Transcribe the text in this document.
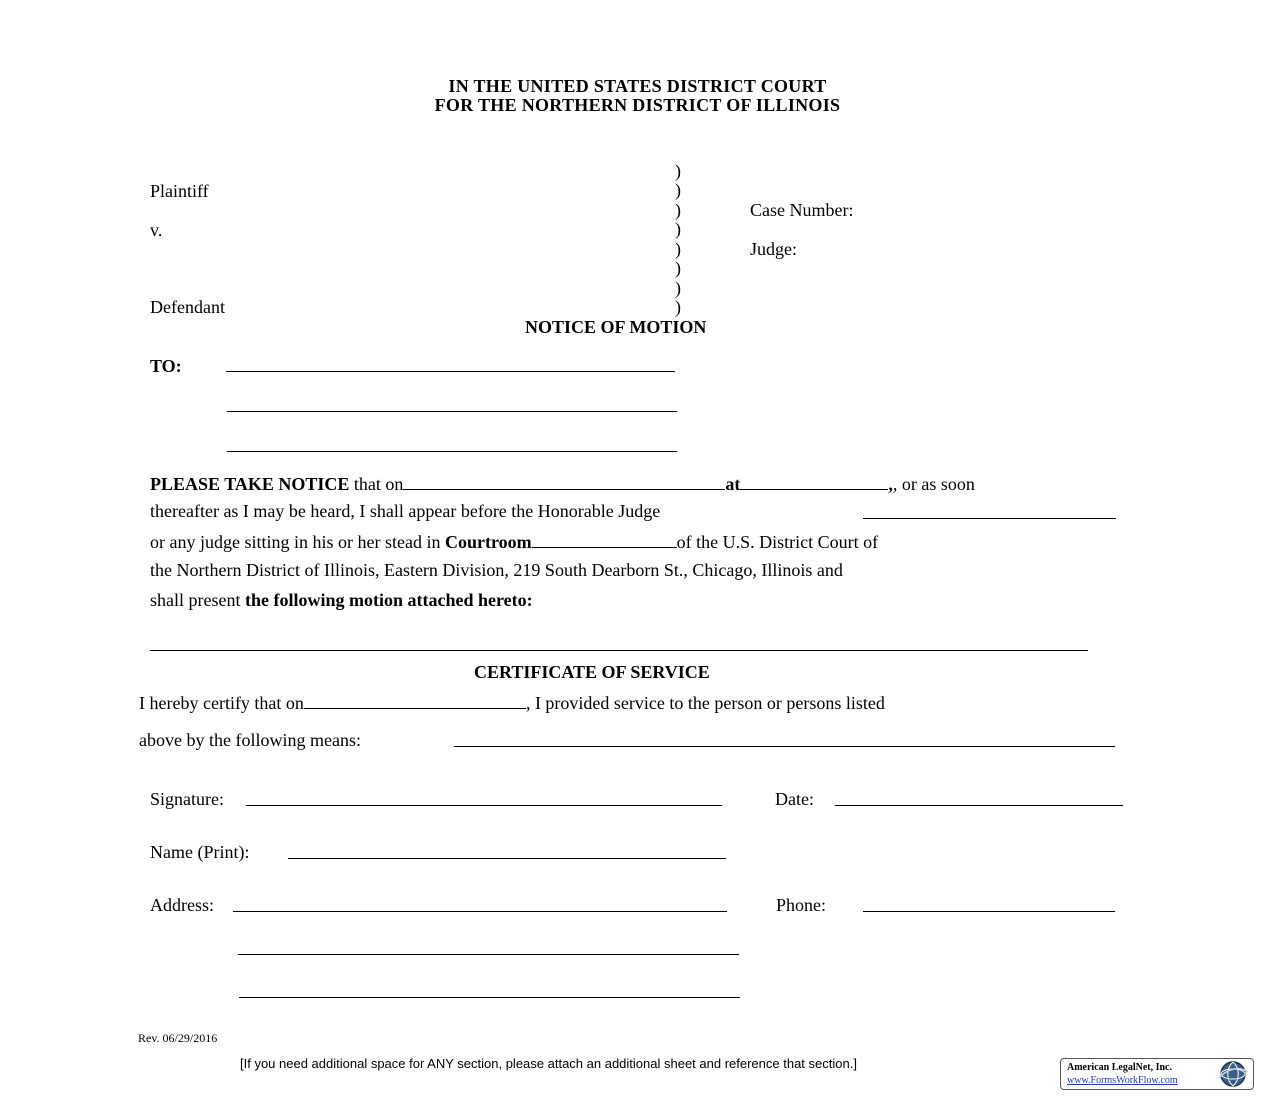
IN THE UNITED STATES DISTRICT COURT
FOR THE NORTHERN DISTRICT OF ILLINOIS
Plaintiff
v.
Defendant
)
)
)
)
)
)
)
)
Case Number:
Judge:
NOTICE OF MOTION
TO:
PLEASE TAKE NOTICE that on	at	,, or as soon
thereafter as I may be heard, I shall appear before the Honorable Judge
or any judge sitting in his or her stead in Courtroom	of the U.S. District Court of
the Northern District of Illinois, Eastern Division, 219 South Dearborn St., Chicago, Illinois and
shall present the following motion attached hereto:
CERTIFICATE OF SERVICE
I hereby certify that on	, I provided service to the person or persons listed
above by the following means:
Signature:	Date:
Name (Print):
Address:	Phone:
Rev. 06/29/2016
[If you need additional space for ANY section, please attach an additional sheet and reference that section.]	American LegalNet, Inc.
www.FormsWorkFlow.com
